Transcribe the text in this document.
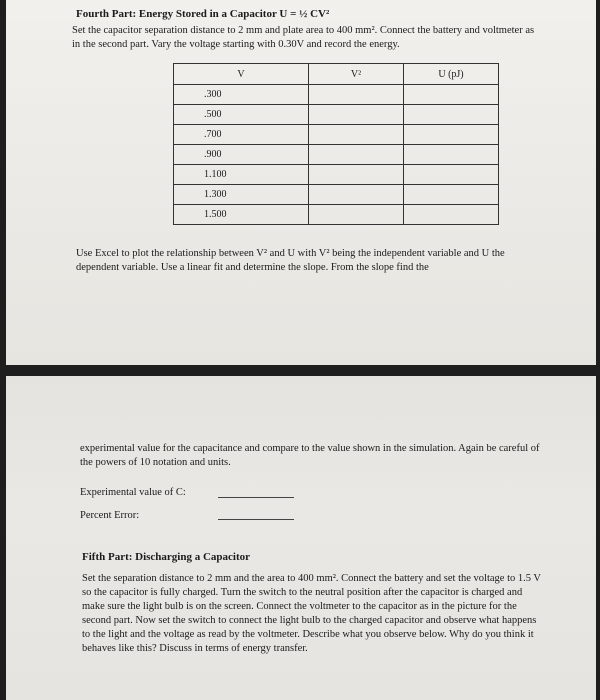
Fourth Part: Energy Stored in a Capacitor U = ½ CV²

Set the capacitor separation distance to 2 mm and plate area to 400 mm². Connect the battery and voltmeter as in the second part. Vary the voltage starting with 0.30V and record the energy.

V	V²	U (pJ)
.300		
.500		
.700		
.900		
1.100		
1.300		
1.500		

Use Excel to plot the relationship between V² and U with V² being the independent variable and U the dependent variable. Use a linear fit and determine the slope. From the slope find the

experimental value for the capacitance and compare to the value shown in the simulation. Again be careful of the powers of 10 notation and units.

Experimental value of C:
Percent Error:
Fifth Part: Discharging a Capacitor

Set the separation distance to 2 mm and the area to 400 mm². Connect the battery and set the voltage to 1.5 V so the capacitor is fully charged. Turn the switch to the neutral position after the capacitor is charged and make sure the light bulb is on the screen. Connect the voltmeter to the capacitor as in the picture for the second part. Now set the switch to connect the light bulb to the charged capacitor and observe what happens to the light and the voltage as read by the voltmeter. Describe what you observe below. Why do you think it behaves like this? Discuss in terms of energy transfer.
